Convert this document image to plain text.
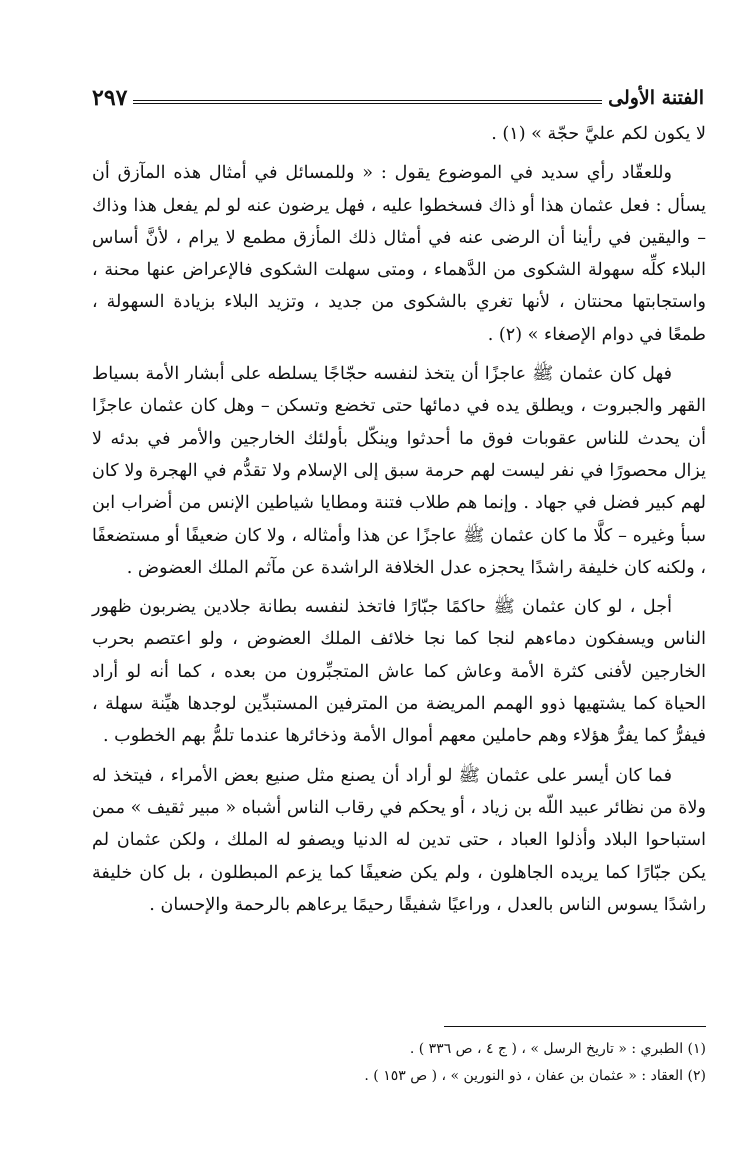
الفتنة الأولى
٢٩٧

لا يكون لكم عليَّ حجّة » (١) .

وللعقّاد رأي سديد في الموضوع يقول : « وللمسائل في أمثال هذه المآزق أن يسأل : فعل عثمان هذا أو ذاك فسخطوا عليه ، فهل يرضون عنه لو لم يفعل هذا وذاك – واليقين في رأينا أن الرضى عنه في أمثال ذلك المأزق مطمع لا يرام ، لأنَّ أساس البلاء كلِّه سهولة الشكوى من الدَّهماء ، ومتى سهلت الشكوى فالإعراض عنها محنة ، واستجابتها محنتان ، لأنها تغري بالشكوى من جديد ، وتزيد البلاء بزيادة السهولة ، طمعًا في دوام الإصغاء » (٢) .

فهل كان عثمان ﷺ عاجزًا أن يتخذ لنفسه حجّاجًا يسلطه على أبشار الأمة بسياط القهر والجبروت ، ويطلق يده في دمائها حتى تخضع وتسكن – وهل كان عثمان عاجزًا أن يحدث للناس عقوبات فوق ما أحدثوا وينكّل بأولئك الخارجين والأمر في بدئه لا يزال محصورًا في نفر ليست لهم حرمة سبق إلى الإسلام ولا تقدُّم في الهجرة ولا كان لهم كبير فضل في جهاد . وإنما هم طلاب فتنة ومطايا شياطين الإنس من أضراب ابن سبأ وغيره – كلَّا ما كان عثمان ﷺ عاجزًا عن هذا وأمثاله ، ولا كان ضعيفًا أو مستضعفًا ، ولكنه كان خليفة راشدًا يحجزه عدل الخلافة الراشدة عن مآثم الملك العضوض .

أجل ، لو كان عثمان ﷺ حاكمًا جبّارًا فاتخذ لنفسه بطانة جلادين يضربون ظهور الناس ويسفكون دماءهم لنجا كما نجا خلائف الملك العضوض ، ولو اعتصم بحرب الخارجين لأفنى كثرة الأمة وعاش كما عاش المتجبِّرون من بعده ، كما أنه لو أراد الحياة كما يشتهيها ذوو الهمم المريضة من المترفين المستبدِّين لوجدها هيِّنة سهلة ، فيفرُّ كما يفرُّ هؤلاء وهم حاملين معهم أموال الأمة وذخائرها عندما تلمُّ بهم الخطوب .

فما كان أيسر على عثمان ﷺ لو أراد أن يصنع مثل صنيع بعض الأمراء ، فيتخذ له ولاة من نظائر عبيد اللّه بن زياد ، أو يحكم في رقاب الناس أشباه « مبير ثقيف » ممن استباحوا البلاد وأذلوا العباد ، حتى تدين له الدنيا ويصفو له الملك ، ولكن عثمان لم يكن جبّارًا كما يريده الجاهلون ، ولم يكن ضعيفًا كما يزعم المبطلون ، بل كان خليفة راشدًا يسوس الناس بالعدل ، وراعيًا شفيقًا رحيمًا يرعاهم بالرحمة والإحسان .

(١) الطبري : « تاريخ الرسل » ، ( ج ٤ ، ص ٣٣٦ ) .

(٢) العقاد : « عثمان بن عفان ، ذو النورين » ، ( ص ١٥٣ ) .
